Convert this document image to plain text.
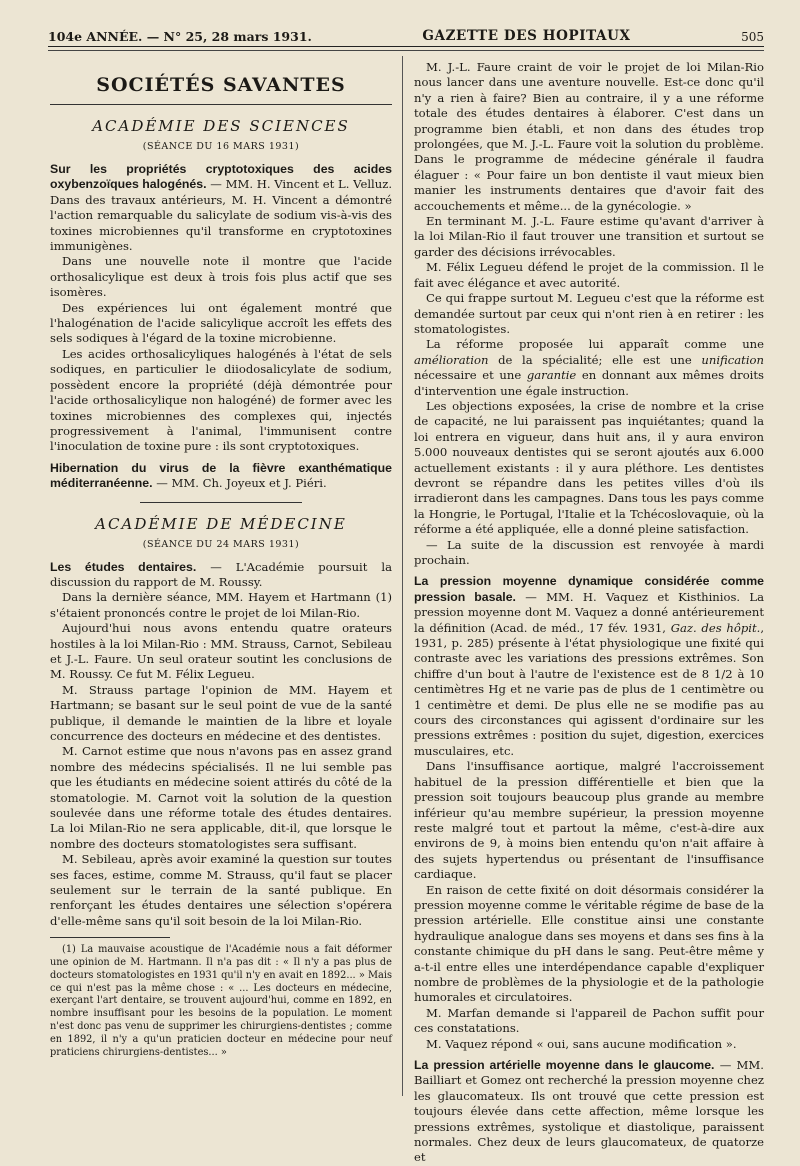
104e ANNÉE. — N° 25, 28 mars 1931.	GAZETTE DES HOPITAUX	505
SOCIÉTÉS SAVANTES
ACADÉMIE DES SCIENCES
(SÉANCE DU 16 MARS 1931)

Sur les propriétés cryptotoxiques des acides oxybenzoïques halogénés. — MM. H. Vincent et L. Velluz. Dans des travaux antérieurs, M. H. Vincent a démontré l'action remarquable du salicylate de sodium vis-à-vis des toxines microbiennes qu'il transforme en cryptotoxines immunigènes.

Dans une nouvelle note il montre que l'acide orthosalicylique est deux à trois fois plus actif que ses isomères.

Des expériences lui ont également montré que l'halogénation de l'acide salicylique accroît les effets des sels sodiques à l'égard de la toxine microbienne.

Les acides orthosalicyliques halogénés à l'état de sels sodiques, en particulier le diiodosalicylate de sodium, possèdent encore la propriété (déjà démontrée pour l'acide orthosalicylique non halogéné) de former avec les toxines microbiennes des complexes qui, injectés progressivement à l'animal, l'immunisent contre l'inoculation de toxine pure : ils sont cryptotoxiques.

Hibernation du virus de la fièvre exanthématique méditerranéenne. — MM. Ch. Joyeux et J. Piéri.

ACADÉMIE DE MÉDECINE
(SÉANCE DU 24 MARS 1931)

Les études dentaires. — L'Académie poursuit la discussion du rapport de M. Roussy.

Dans la dernière séance, MM. Hayem et Hartmann (1) s'étaient prononcés contre le projet de loi Milan-Rio.

Aujourd'hui nous avons entendu quatre orateurs hostiles à la loi Milan-Rio : MM. Strauss, Carnot, Sebileau et J.-L. Faure. Un seul orateur soutint les conclusions de M. Roussy. Ce fut M. Félix Legueu.

M. Strauss partage l'opinion de MM. Hayem et Hartmann; se basant sur le seul point de vue de la santé publique, il demande le maintien de la libre et loyale concurrence des docteurs en médecine et des dentistes.

M. Carnot estime que nous n'avons pas en assez grand nombre des médecins spécialisés. Il ne lui semble pas que les étudiants en médecine soient attirés du côté de la stomatologie. M. Carnot voit la solution de la question soulevée dans une réforme totale des études dentaires. La loi Milan-Rio ne sera applicable, dit-il, que lorsque le nombre des docteurs stomatologistes sera suffisant.

M. Sebileau, après avoir examiné la question sur toutes ses faces, estime, comme M. Strauss, qu'il faut se placer seulement sur le terrain de la santé publique. En renforçant les études dentaires une sélection s'opérera d'elle-même sans qu'il soit besoin de la loi Milan-Rio.

(1) La mauvaise acoustique de l'Académie nous a fait déformer une opinion de M. Hartmann. Il n'a pas dit : « Il n'y a pas plus de docteurs stomatologistes en 1931 qu'il n'y en avait en 1892... » Mais ce qui n'est pas la même chose : « ... Les docteurs en médecine, exerçant l'art dentaire, se trouvent aujourd'hui, comme en 1892, en nombre insuffisant pour les besoins de la population. Le moment n'est donc pas venu de supprimer les chirurgiens-dentistes ; comme en 1892, il n'y a qu'un praticien docteur en médecine pour neuf praticiens chirurgiens-dentistes... »

M. J.-L. Faure craint de voir le projet de loi Milan-Rio nous lancer dans une aventure nouvelle. Est-ce donc qu'il n'y a rien à faire? Bien au contraire, il y a une réforme totale des études dentaires à élaborer. C'est dans un programme bien établi, et non dans des études trop prolongées, que M. J.-L. Faure voit la solution du problème. Dans le programme de médecine générale il faudra élaguer : « Pour faire un bon dentiste il vaut mieux bien manier les instruments dentaires que d'avoir fait des accouchements et même... de la gynécologie. »

En terminant M. J.-L. Faure estime qu'avant d'arriver à la loi Milan-Rio il faut trouver une transition et surtout se garder des décisions irrévocables.

M. Félix Legueu défend le projet de la commission. Il le fait avec élégance et avec autorité.

Ce qui frappe surtout M. Legueu c'est que la réforme est demandée surtout par ceux qui n'ont rien à en retirer : les stomatologistes.

La réforme proposée lui apparaît comme une amélioration de la spécialité; elle est une unification nécessaire et une garantie en donnant aux mêmes droits d'intervention une égale instruction.

Les objections exposées, la crise de nombre et la crise de capacité, ne lui paraissent pas inquiétantes; quand la loi entrera en vigueur, dans huit ans, il y aura environ 5.000 nouveaux dentistes qui se seront ajoutés aux 6.000 actuellement existants : il y aura pléthore. Les dentistes devront se répandre dans les petites villes d'où ils irradieront dans les campagnes. Dans tous les pays comme la Hongrie, le Portugal, l'Italie et la Tchécoslovaquie, où la réforme a été appliquée, elle a donné pleine satisfaction.

— La suite de la discussion est renvoyée à mardi prochain.

La pression moyenne dynamique considérée comme pression basale. — MM. H. Vaquez et Kisthinios. La pression moyenne dont M. Vaquez a donné antérieurement la définition (Acad. de méd., 17 fév. 1931, Gaz. des hôpit., 1931, p. 285) présente à l'état physiologique une fixité qui contraste avec les variations des pressions extrêmes. Son chiffre d'un bout à l'autre de l'existence est de 8 1/2 à 10 centimètres Hg et ne varie pas de plus de 1 centimètre ou 1 centimètre et demi. De plus elle ne se modifie pas au cours des circonstances qui agissent d'ordinaire sur les pressions extrêmes : position du sujet, digestion, exercices musculaires, etc.

Dans l'insuffisance aortique, malgré l'accroissement habituel de la pression différentielle et bien que la pression soit toujours beaucoup plus grande au membre inférieur qu'au membre supérieur, la pression moyenne reste malgré tout et partout la même, c'est-à-dire aux environs de 9, à moins bien entendu qu'on n'ait affaire à des sujets hypertendus ou présentant de l'insuffisance cardiaque.

En raison de cette fixité on doit désormais considérer la pression moyenne comme le véritable régime de base de la pression artérielle. Elle constitue ainsi une constante hydraulique analogue dans ses moyens et dans ses fins à la constante chimique du pH dans le sang. Peut-être même y a-t-il entre elles une interdépendance capable d'expliquer nombre de problèmes de la physiologie et de la pathologie humorales et circulatoires.

M. Marfan demande si l'appareil de Pachon suffit pour ces constatations.

M. Vaquez répond « oui, sans aucune modification ».

La pression artérielle moyenne dans le glaucome. — MM. Bailliart et Gomez ont recherché la pression moyenne chez les glaucomateux. Ils ont trouvé que cette pression est toujours élevée dans cette affection, même lorsque les pressions extrêmes, systolique et diastolique, paraissent normales. Chez deux de leurs glaucomateux, de quatorze et
